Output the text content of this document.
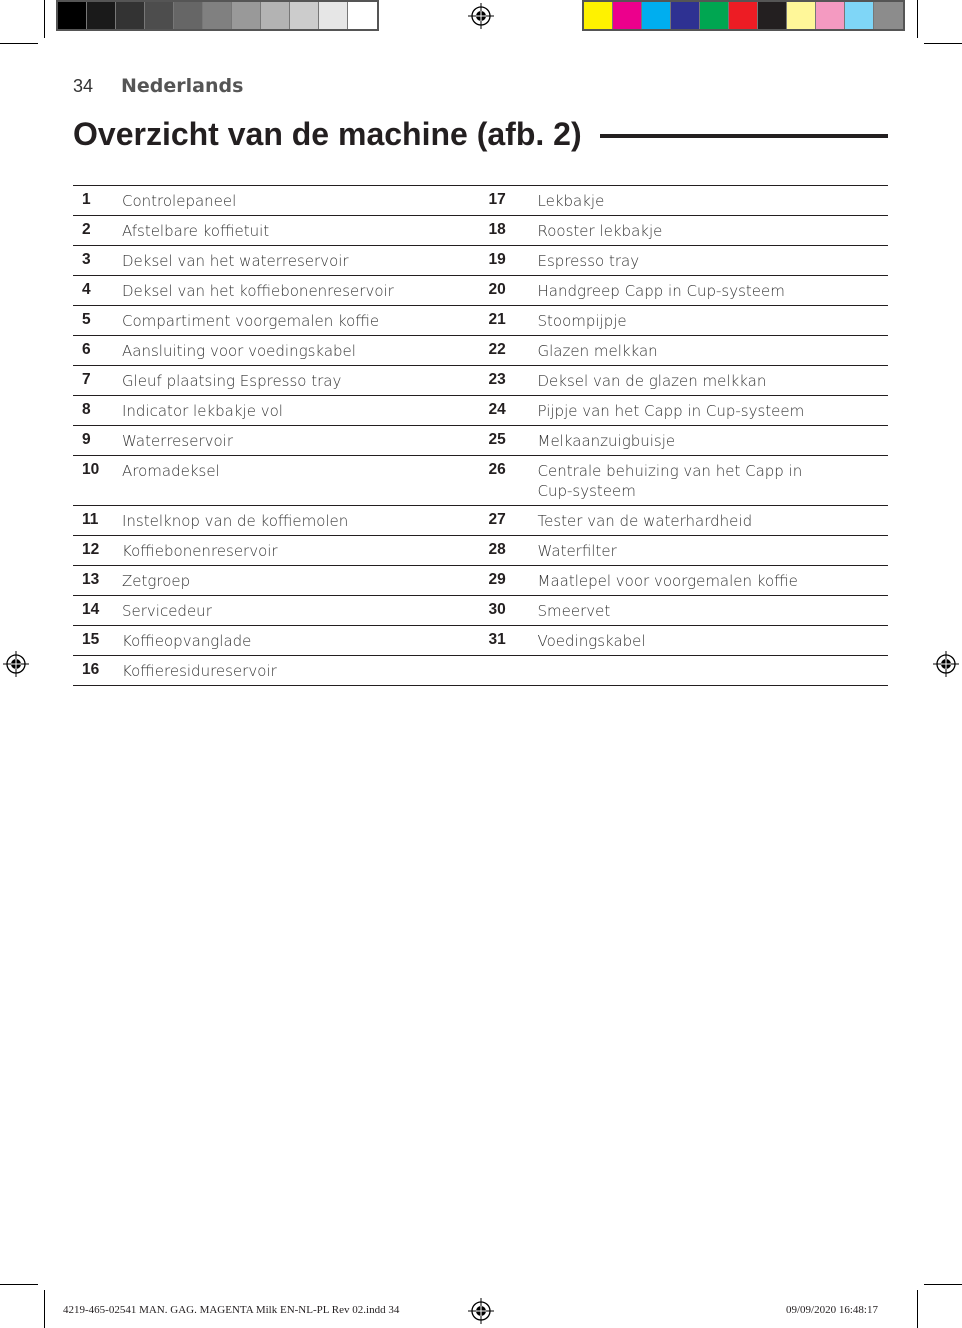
34	Nederlands
Overzicht van de machine (afb. 2)
1	Controlepaneel	17	Lekbakje
2	Afstelbare koffietuit	18	Rooster lekbakje
3	Deksel van het waterreservoir	19	Espresso tray
4	Deksel van het koffiebonenreservoir	20	Handgreep Capp in Cup-systeem
5	Compartiment voorgemalen koffie	21	Stoompijpje
6	Aansluiting voor voedingskabel	22	Glazen melkkan
7	Gleuf plaatsing Espresso tray	23	Deksel van de glazen melkkan
8	Indicator lekbakje vol	24	Pijpje van het Capp in Cup-systeem
9	Waterreservoir	25	Melkaanzuigbuisje
10	Aromadeksel	26	Centrale behuizing van het Capp in Cup-systeem
11	Instelknop van de koffiemolen	27	Tester van de waterhardheid
12	Koffiebonenreservoir	28	Waterfilter
13	Zetgroep	29	Maatlepel voor voorgemalen koffie
14	Servicedeur	30	Smeervet
15	Koffieopvanglade	31	Voedingskabel
16	Koffieresidureservoir
4219-465-02541 MAN. GAG. MAGENTA Milk EN-NL-PL Rev 02.indd 34	09/09/2020 16:48:17
